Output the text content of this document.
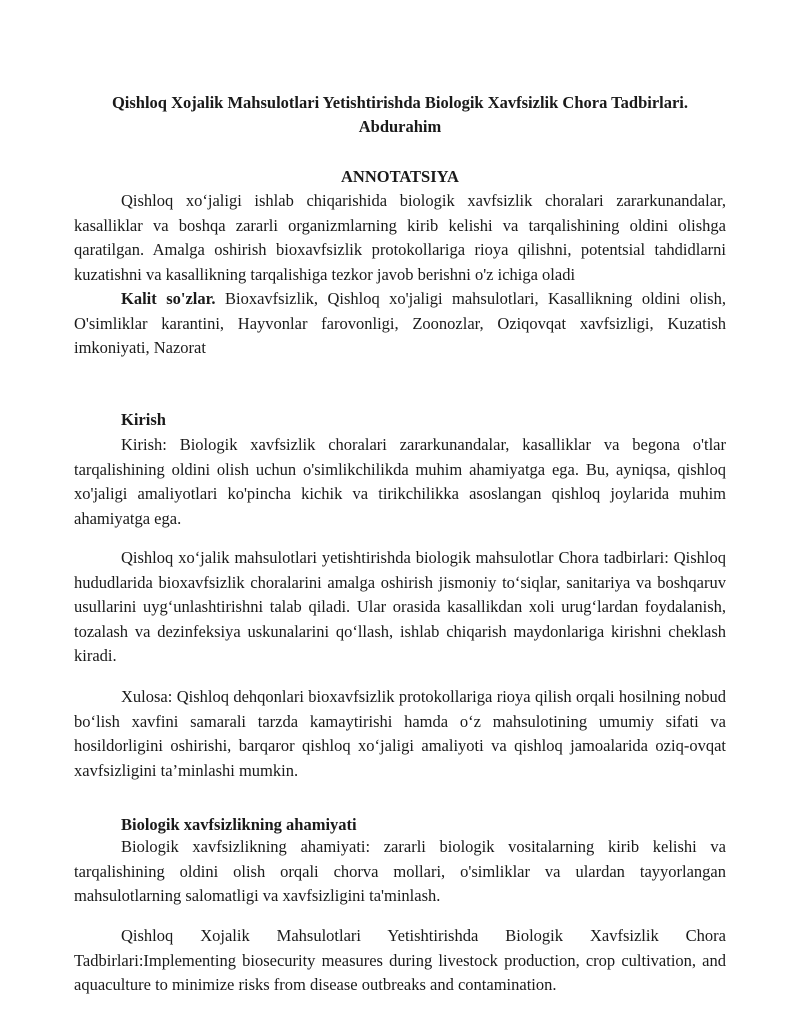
Qishloq Xojalik Mahsulotlari Yetishtirishda Biologik Xavfsizlik Chora Tadbirlari.

Abdurahim

ANNOTATSIYA

Qishloq xo‘jaligi ishlab chiqarishida biologik xavfsizlik choralari zararkunandalar, kasalliklar va boshqa zararli organizmlarning kirib kelishi va tarqalishining oldini olishga qaratilgan. Amalga oshirish bioxavfsizlik protokollariga rioya qilishni, potentsial tahdidlarni kuzatishni va kasallikning tarqalishiga tezkor javob berishni o'z ichiga oladi

Kalit so'zlar. Bioxavfsizlik, Qishloq xo'jaligi mahsulotlari, Kasallikning oldini olish, O'simliklar karantini, Hayvonlar farovonligi, Zoonozlar, Oziqovqat xavfsizligi, Kuzatish imkoniyati, Nazorat

Kirish

Kirish: Biologik xavfsizlik choralari zararkunandalar, kasalliklar va begona o'tlar tarqalishining oldini olish uchun o'simlikchilikda muhim ahamiyatga ega. Bu, ayniqsa, qishloq xo'jaligi amaliyotlari ko'pincha kichik va tirikchilikka asoslangan qishloq joylarida muhim ahamiyatga ega.

Qishloq xo‘jalik mahsulotlari yetishtirishda biologik mahsulotlar Chora tadbirlari: Qishloq hududlarida bioxavfsizlik choralarini amalga oshirish jismoniy to‘siqlar, sanitariya va boshqaruv usullarini uyg‘unlashtirishni talab qiladi. Ular orasida kasallikdan xoli urug‘lardan foydalanish, tozalash va dezinfeksiya uskunalarini qo‘llash, ishlab chiqarish maydonlariga kirishni cheklash kiradi.

Xulosa: Qishloq dehqonlari bioxavfsizlik protokollariga rioya qilish orqali hosilning nobud bo‘lish xavfini samarali tarzda kamaytirishi hamda o‘z mahsulotining umumiy sifati va hosildorligini oshirishi, barqaror qishloq xo‘jaligi amaliyoti va qishloq jamoalarida oziq-ovqat xavfsizligini ta’minlashi mumkin.

Biologik xavfsizlikning ahamiyati

Biologik xavfsizlikning ahamiyati: zararli biologik vositalarning kirib kelishi va tarqalishining oldini olish orqali chorva mollari, o'simliklar va ulardan tayyorlangan mahsulotlarning salomatligi va xavfsizligini ta'minlash.

Qishloq Xojalik Mahsulotlari Yetishtirishda Biologik Xavfsizlik Chora Tadbirlari:Implementing biosecurity measures during livestock production, crop cultivation, and aquaculture to minimize risks from disease outbreaks and contamination.
